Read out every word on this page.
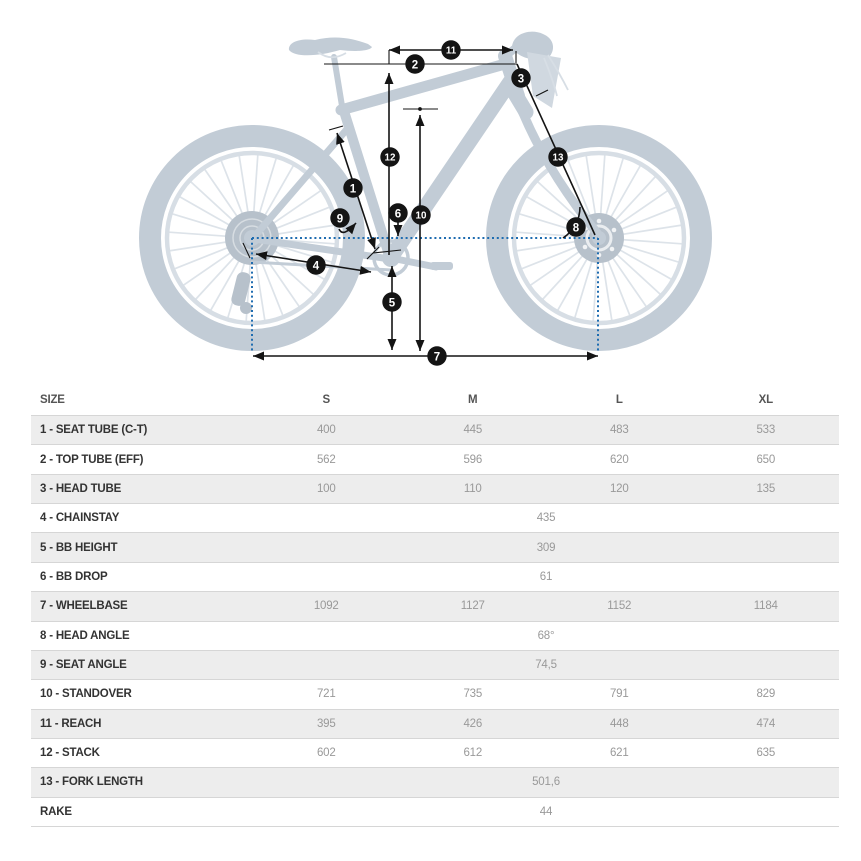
1
2
3
4
5
6
7
8
9	10
11
12	13
SIZE	S	M	L	XL
1 - SEAT TUBE (C-T)	400	445	483	533
2 - TOP TUBE (EFF)	562	596	620	650
3 - HEAD TUBE	100	110	120	135
4 - CHAINSTAY	435
5 - BB HEIGHT	309
6 - BB DROP	61
7 - WHEELBASE	1092	1127	1152	1184
8 - HEAD ANGLE	68°
9 - SEAT ANGLE	74,5
10 - STANDOVER	721	735	791	829
11 - REACH	395	426	448	474
12 - STACK	602	612	621	635
13 - FORK LENGTH	501,6
RAKE	44
